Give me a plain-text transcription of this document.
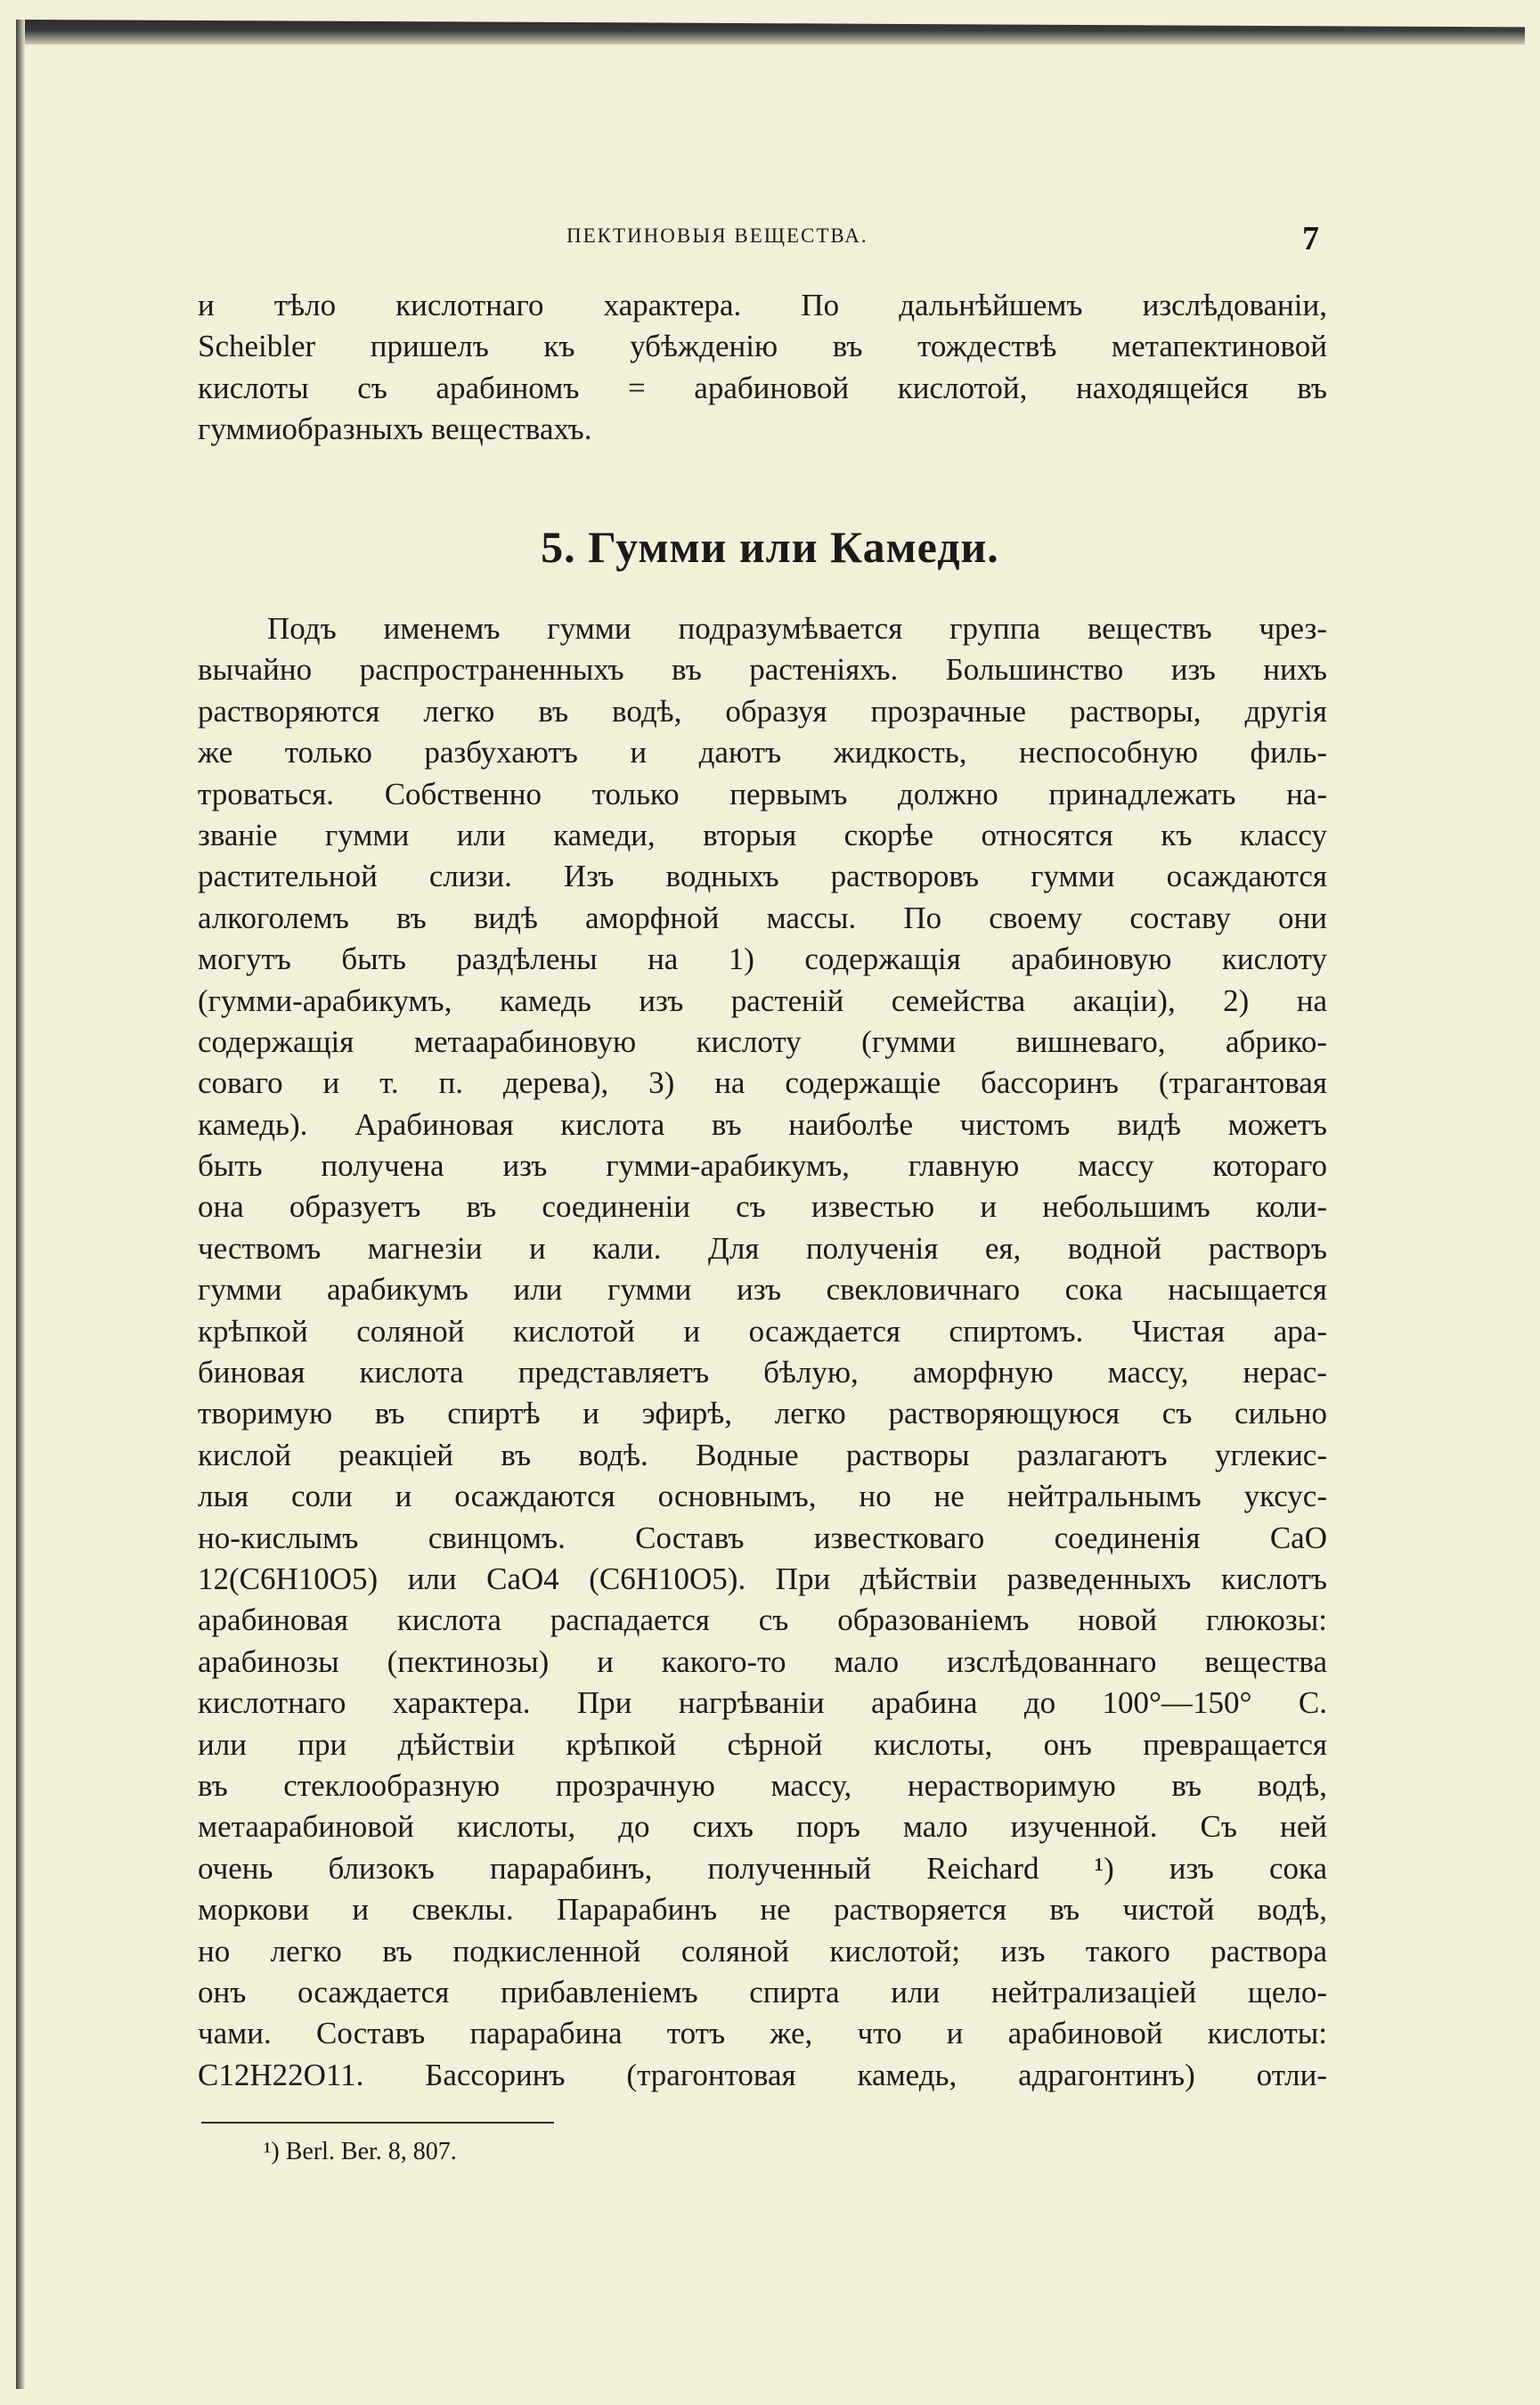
ПЕКТИНОВЫЯ ВЕЩЕСТВА.	7
и тѣло кислотнаго характера. По дальнѣйшемъ изслѣдованiи,
Scheibler пришелъ къ убѣжденiю въ тождествѣ метапектиновой
кислоты съ арабиномъ = арабиновой кислотой, находящейся въ
гуммиобразныхъ веществахъ.
5. Гумми или Камеди.
Подъ именемъ гумми подразумѣвается группа веществъ чрез-
вычайно распространенныхъ въ растенiяхъ. Большинство изъ нихъ
растворяются легко въ водѣ, образуя прозрачные растворы, другiя
же только разбухаютъ и даютъ жидкость, неспособную филь-
троваться. Собственно только первымъ должно принадлежать на-
званiе гумми или камеди, вторыя скорѣе относятся къ классу
растительной слизи. Изъ водныхъ растворовъ гумми осаждаются
алкоголемъ въ видѣ аморфной массы. По своему составу они
могутъ быть раздѣлены на 1) содержащiя арабиновую кислоту
(гумми-арабикумъ, камедь изъ растенiй семейства акацiи), 2) на
содержащiя метаарабиновую кислоту (гумми вишневаго, абрико-
соваго и т. п. дерева), 3) на содержащiе бассоринъ (трагантовая
камедь). Арабиновая кислота въ наиболѣе чистомъ видѣ можетъ
быть получена изъ гумми-арабикумъ, главную массу котораго
она образуетъ въ соединенiи съ известью и небольшимъ коли-
чествомъ магнезiи и кали. Для полученiя ея, водной растворъ
гумми арабикумъ или гумми изъ свекловичнаго сока насыщается
крѣпкой соляной кислотой и осаждается спиртомъ. Чистая ара-
биновая кислота представляетъ бѣлую, аморфную массу, нерас-
творимую въ спиртѣ и эфирѣ, легко растворяющуюся съ сильно
кислой реакцiей въ водѣ. Водные растворы разлагаютъ углекис-
лыя соли и осаждаются основнымъ, но не нейтральнымъ уксус-
но-кислымъ свинцомъ. Составъ известковаго соединенiя CaO
12(C6H10O5) или CaO4 (C6H10O5). При дѣйствiи разведенныхъ кислотъ
арабиновая кислота распадается съ образованiемъ новой глюкозы:
арабинозы (пектинозы) и какого-то мало изслѣдованнаго вещества
кислотнаго характера. При нагрѣванiи арабина до 100°—150° С.
или при дѣйствiи крѣпкой сѣрной кислоты, онъ превращается
въ стеклообразную прозрачную массу, нерастворимую въ водѣ,
метаарабиновой кислоты, до сихъ поръ мало изученной. Съ ней
очень близокъ парарабинъ, полученный Reichard ¹) изъ сока
моркови и свеклы. Парарабинъ не растворяется въ чистой водѣ,
но легко въ подкисленной соляной кислотой; изъ такого раствора
онъ осаждается прибавленiемъ спирта или нейтрализацiей щело-
чами. Составъ парарабина тотъ же, что и арабиновой кислоты:
C12H22O11. Бассоринъ (трагонтовая камедь, адрагонтинъ) отли-
¹) Berl. Ber. 8, 807.
